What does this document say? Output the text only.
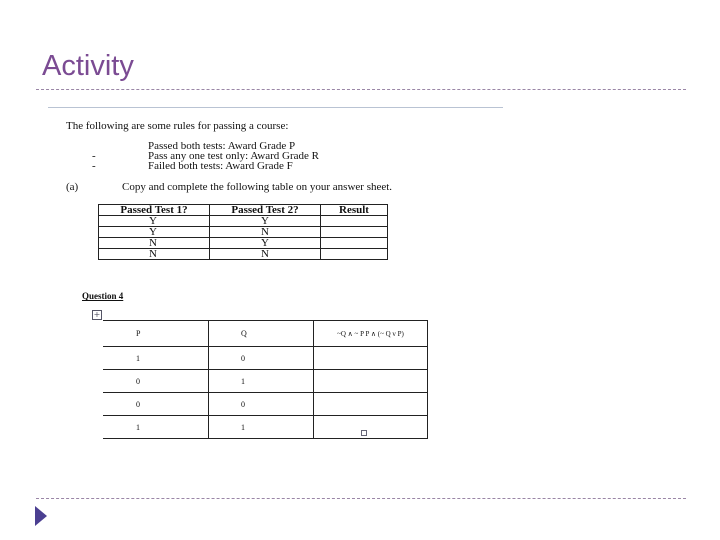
Activity
The following are some rules for passing a course:
Passed both tests: Award Grade P
-	Pass any one test only: Award Grade R
-	Failed both tests: Award Grade F
(a)	Copy and complete the following table on your answer sheet.
Passed Test 1?	Passed Test 2?	Result
Y	Y	
Y	N	
N	Y	
N	N	
Question 4
+
P	Q	~Q ∧ ~ P P ∧ (~ Q v P)
1	0	
0	1	
0	0	
1	1	
